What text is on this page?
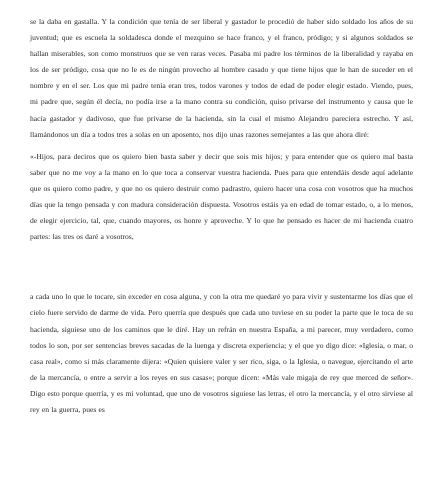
se la daba en gastalla. Y la condición que tenía de ser liberal y gastador le procedió de haber sido soldado los años de su juventud; que es escuela la soldadesca donde el mezquino se hace franco, y el franco, pródigo; y si algunos soldados se hallan miserables, son como monstruos que se ven raras veces. Pasaba mi padre los términos de la liberalidad y rayaba en los de ser pródigo, cosa que no le es de ningún provecho al hombre casado y que tiene hijos que le han de suceder en el nombre y en el ser. Los que mi padre tenía eran tres, todos varones y todos de edad de poder elegir estado. Viendo, pues, mi padre que, según él decía, no podía irse a la mano contra su condición, quiso privarse del instrumento y causa que le hacía gastador y dadivoso, que fue privarse de la hacienda, sin la cual el mismo Alejandro pareciera estrecho. Y así, llamándonos un día a todos tres a solas en un aposento, nos dijo unas razones semejantes a las que ahora diré:

«-Hijos, para deciros que os quiero bien basta saber y decir que sois mis hijos; y para entender que os quiero mal basta saber que no me voy a la mano en lo que toca a conservar vuestra hacienda. Pues para que entendáis desde aquí adelante que os quiero como padre, y que no os quiero destruir como padrastro, quiero hacer una cosa con vosotros que ha muchos días que la tengo pensada y con madura consideración dispuesta. Vosotros estáis ya en edad de tomar estado, o, a lo menos, de elegir ejercicio, tal, que, cuando mayores, os honre y aproveche. Y lo que he pensado es hacer de mi hacienda cuatro partes: las tres os daré a vosotros,

a cada uno lo que le tocare, sin exceder en cosa alguna, y con la otra me quedaré yo para vivir y sustentarme los días que el cielo fuere servido de darme de vida. Pero querría que después que cada uno tuviese en su poder la parte que le toca de su hacienda, siguiese uno de los caminos que le diré. Hay un refrán en nuestra España, a mi parecer, muy verdadero, como todos lo son, por ser sentencias breves sacadas de la luenga y discreta experiencia; y el que yo digo dice: «Iglesia, o mar, o casa real», como si más claramente dijera: «Quien quisiere valer y ser rico, siga, o la Iglesia, o navegue, ejercitando el arte de la mercancía, o entre a servir a los reyes en sus casas»; porque dicen: «Más vale migaja de rey que merced de señor». Digo esto porque querría, y es mi voluntad, que uno de vosotros siguiese las letras, el otro la mercancía, y el otro sirviese al rey en la guerra, pues es
